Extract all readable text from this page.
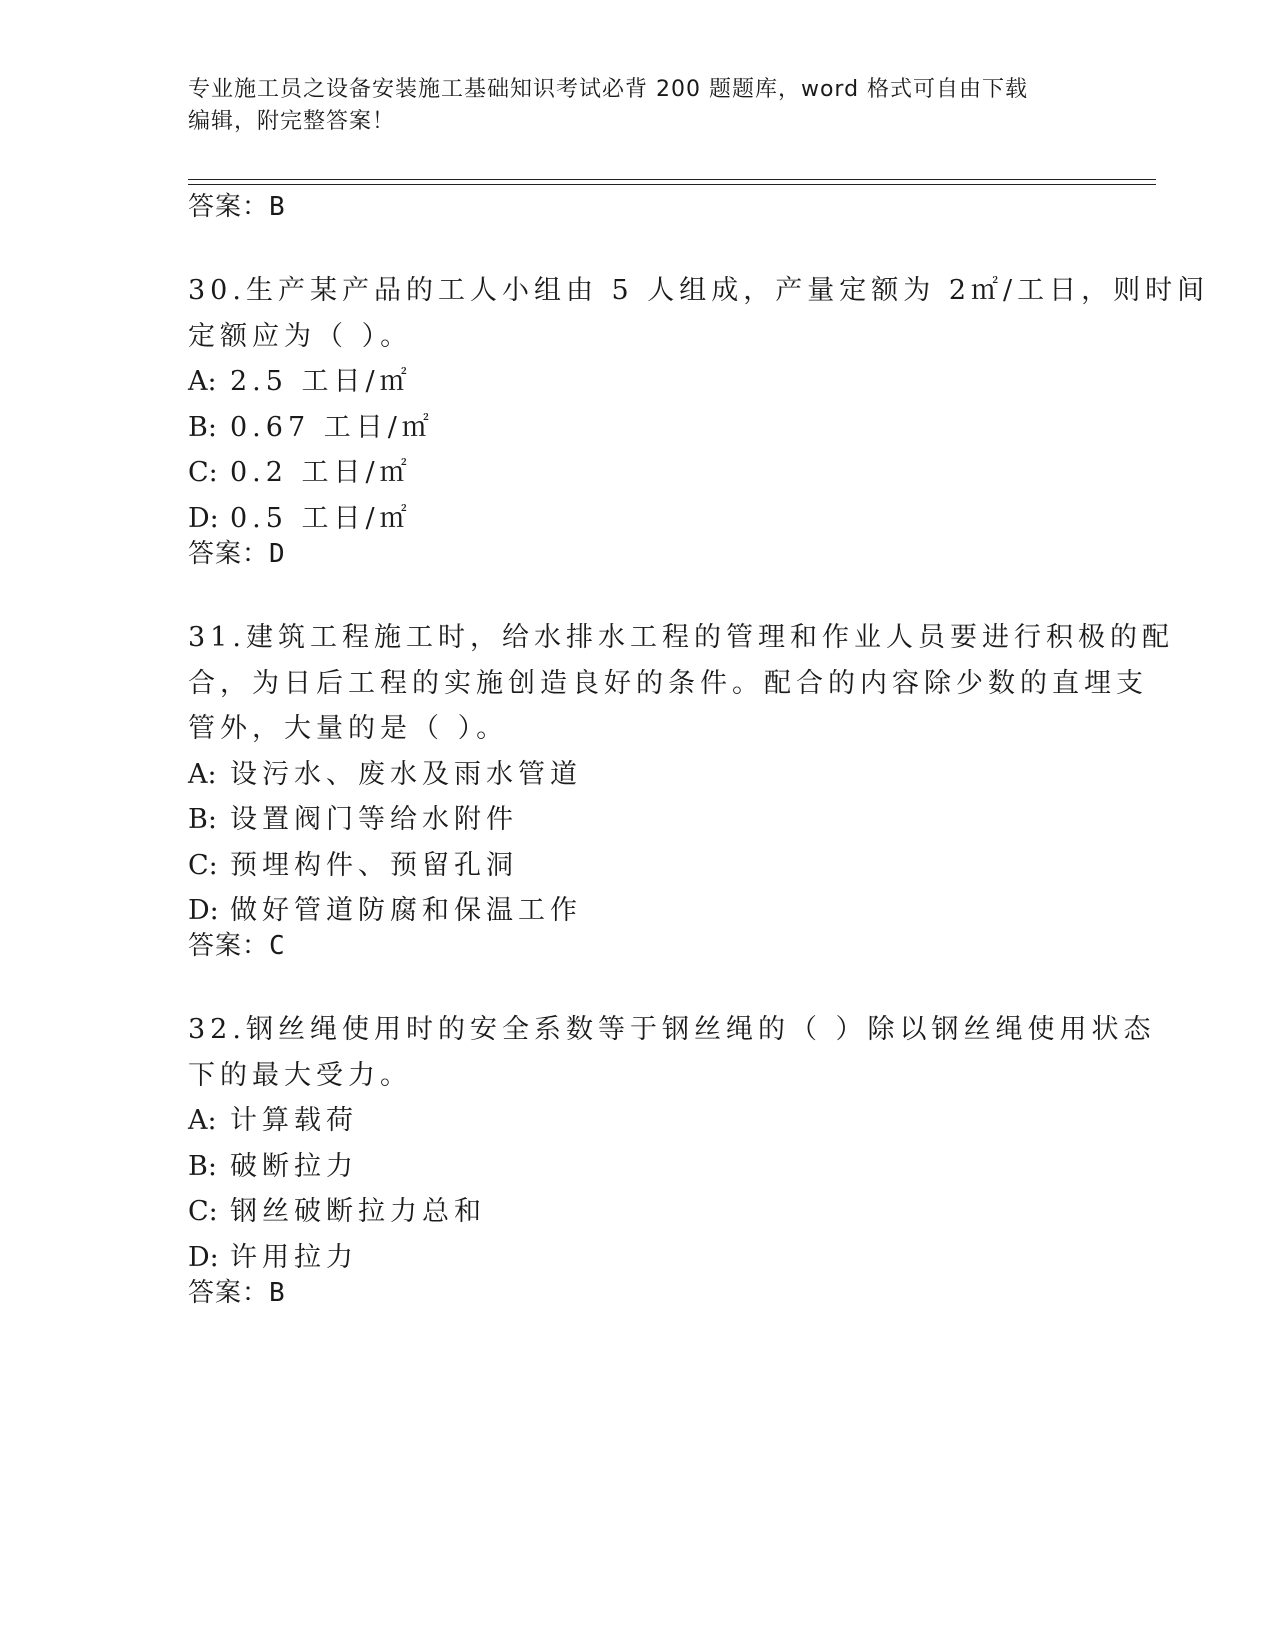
专业施工员之设备安装施工基础知识考试必背 200 题题库，word 格式可自由下载
编辑，附完整答案！
答案：B
30.生产某产品的工人小组由 5 人组成，产量定额为 2㎡/工日，则时间
定额应为（ ）。
A: 2.5 工日/㎡
B: 0.67 工日/㎡
C: 0.2 工日/㎡
D: 0.5 工日/㎡
答案：D
31.建筑工程施工时，给水排水工程的管理和作业人员要进行积极的配
合，为日后工程的实施创造良好的条件。配合的内容除少数的直埋支
管外，大量的是（ ）。
A: 设污水、废水及雨水管道
B: 设置阀门等给水附件
C: 预埋构件、预留孔洞
D: 做好管道防腐和保温工作
答案：C
32.钢丝绳使用时的安全系数等于钢丝绳的（ ）除以钢丝绳使用状态
下的最大受力。
A: 计算载荷
B: 破断拉力
C: 钢丝破断拉力总和
D: 许用拉力
答案：B
